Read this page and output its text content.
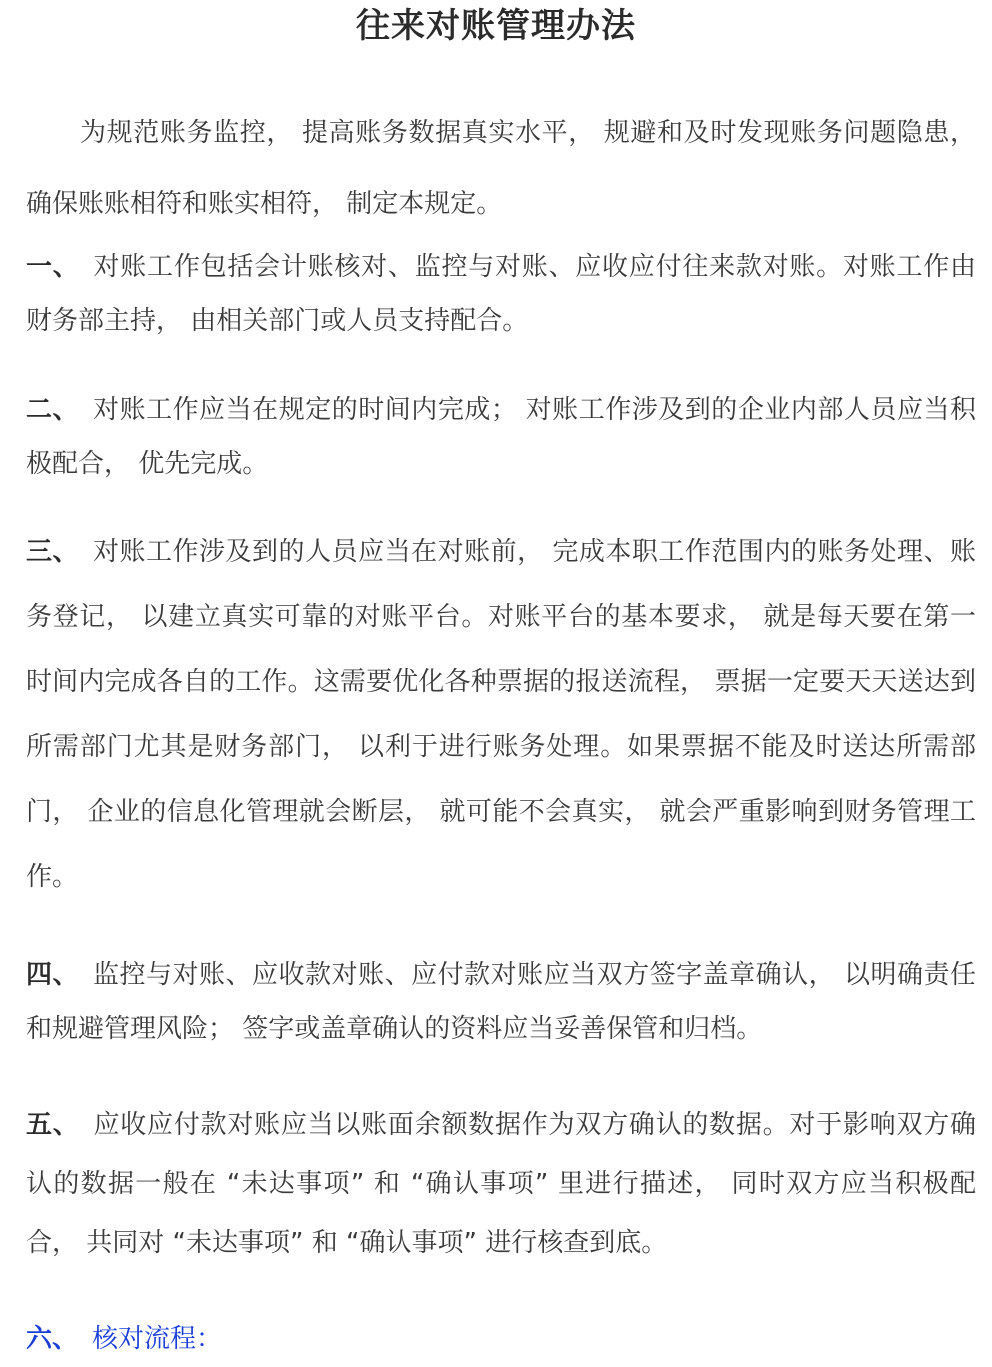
往来对账管理办法

为规范账务监控， 提高账务数据真实水平， 规避和及时发现账务问题隐患， 确保账账相符和账实相符， 制定本规定。

一、 对账工作包括会计账核对、监控与对账、应收应付往来款对账。对账工作由财务部主持， 由相关部门或人员支持配合。

二、 对账工作应当在规定的时间内完成； 对账工作涉及到的企业内部人员应当积极配合， 优先完成。

三、 对账工作涉及到的人员应当在对账前， 完成本职工作范围内的账务处理、账务登记， 以建立真实可靠的对账平台。对账平台的基本要求， 就是每天要在第一时间内完成各自的工作。这需要优化各种票据的报送流程， 票据一定要天天送达到所需部门尤其是财务部门， 以利于进行账务处理。如果票据不能及时送达所需部门， 企业的信息化管理就会断层， 就可能不会真实， 就会严重影响到财务管理工作。

四、 监控与对账、应收款对账、应付款对账应当双方签字盖章确认， 以明确责任和规避管理风险； 签字或盖章确认的资料应当妥善保管和归档。

五、 应收应付款对账应当以账面余额数据作为双方确认的数据。对于影响双方确认的数据一般在 “未达事项” 和 “确认事项” 里进行描述， 同时双方应当积极配合， 共同对 “未达事项” 和 “确认事项” 进行核查到底。

六、 核对流程：
